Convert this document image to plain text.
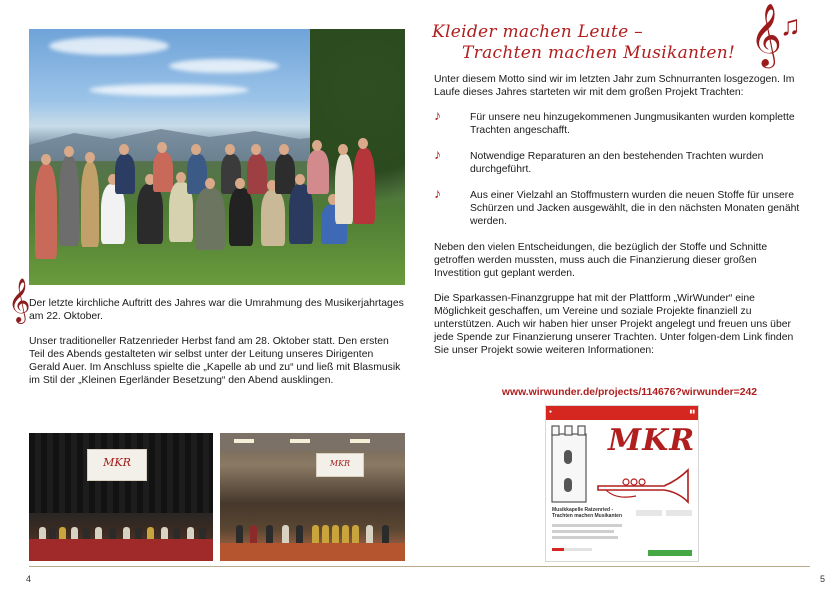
𝄞

Der letzte kirchliche Auftritt des Jahres war die Umrahmung des Musikerjahrtages am 22. Oktober.

Unser traditioneller Ratzenrieder Herbst fand am 28. Oktober statt. Den ersten Teil des Abends gestalteten wir selbst unter der Leitung unseres Dirigenten Gerald Auer. Im Anschluss spielte die „Kapelle ab und zu“ und ließ mit Blasmusik im Stil der „Kleinen Egerländer Besetzung“ den Abend ausklingen.

MKR	MKR
4
Kleider machen Leute –
Trachten machen Musikanten! 𝄞
♫

Unter diesem Motto sind wir im letzten Jahr zum Schnurranten losgezogen. Im Laufe dieses Jahres starteten wir mit dem großen Projekt Trachten:

♪	Für unsere neu hinzugekommenen Jungmusikanten wurden komplette Trachten angeschafft.
♪	Notwendige Reparaturen an den bestehenden Trachten wurden durchgeführt.
♪	Aus einer Vielzahl an Stoffmustern wurden die neuen Stoffe für unsere Schürzen und Jacken ausgewählt, die in den nächsten Monaten genäht werden.

Neben den vielen Entscheidungen, die bezüglich der Stoffe und Schnitte getroffen werden mussten, muss auch die Finanzierung dieser großen Investition gut geplant werden.

Die Sparkassen-Finanzgruppe hat mit der Plattform „WirWunder“ eine Möglichkeit geschaffen, um Vereine und soziale Projekte finanziell zu unterstützen. Auch wir haben hier unser Projekt angelegt und freuen uns über jede Spende zur Finanzierung unserer Trachten. Unter folgen-dem Link finden Sie unser Projekt sowie weiteren Informationen:

www.wirwunder.de/projects/114676?wirwunder=242
●	▮▮
MKR
Musikkapelle Ratzenried - Trachten machen Musikanten
5
